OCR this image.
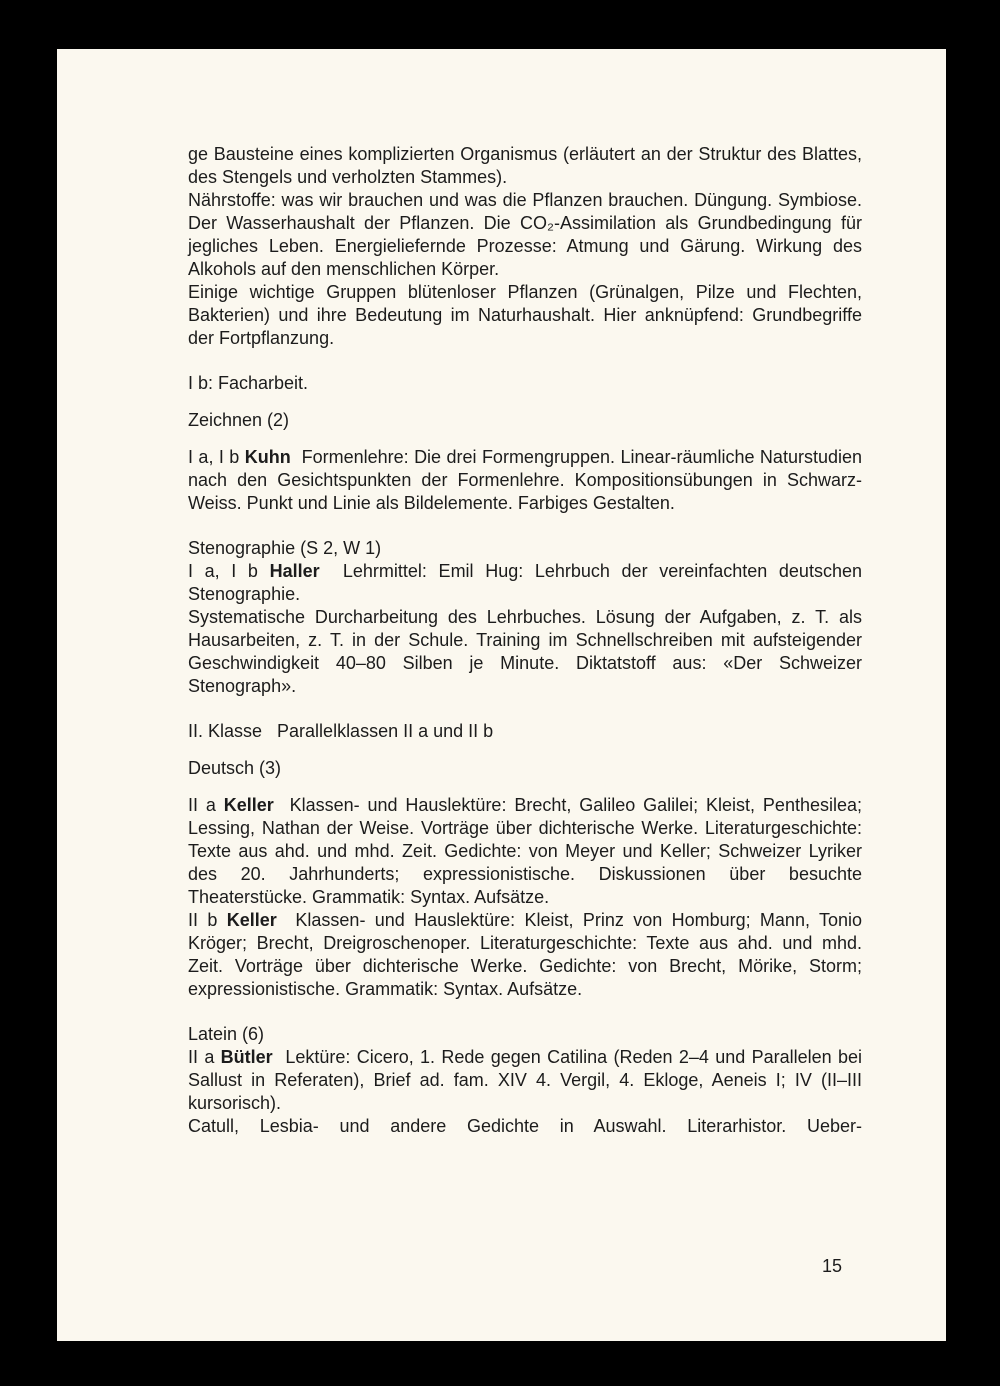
ge Bausteine eines komplizierten Organismus (erläutert an der Struktur des Blattes, des Stengels und verholzten Stammes).

Nährstoffe: was wir brauchen und was die Pflanzen brauchen. Düngung. Symbiose. Der Wasserhaushalt der Pflanzen. Die CO₂-Assimilation als Grundbedingung für jegliches Leben. Energieliefernde Prozesse: Atmung und Gärung. Wirkung des Alkohols auf den menschlichen Körper.

Einige wichtige Gruppen blütenloser Pflanzen (Grünalgen, Pilze und Flechten, Bakterien) und ihre Bedeutung im Naturhaushalt. Hier anknüpfend: Grundbegriffe der Fortpflanzung.

I b: Facharbeit.

Zeichnen (2)

I a, I b Kuhn Formenlehre: Die drei Formengruppen. Linear-räumliche Naturstudien nach den Gesichtspunkten der Formenlehre. Kompositionsübungen in Schwarz-Weiss. Punkt und Linie als Bildelemente. Farbiges Gestalten.

Stenographie (S 2, W 1)

I a, I b Haller Lehrmittel: Emil Hug: Lehrbuch der vereinfachten deutschen Stenographie.

Systematische Durcharbeitung des Lehrbuches. Lösung der Aufgaben, z. T. als Hausarbeiten, z. T. in der Schule. Training im Schnellschreiben mit aufsteigender Geschwindigkeit 40–80 Silben je Minute. Diktatstoff aus: «Der Schweizer Stenograph».

II. Klasse   Parallelklassen II a und II b

Deutsch (3)

II a Keller Klassen- und Hauslektüre: Brecht, Galileo Galilei; Kleist, Penthesilea; Lessing, Nathan der Weise. Vorträge über dichterische Werke. Literaturgeschichte: Texte aus ahd. und mhd. Zeit. Gedichte: von Meyer und Keller; Schweizer Lyriker des 20. Jahrhunderts; expressionistische. Diskussionen über besuchte Theaterstücke. Grammatik: Syntax. Aufsätze.

II b Keller Klassen- und Hauslektüre: Kleist, Prinz von Homburg; Mann, Tonio Kröger; Brecht, Dreigroschenoper. Literaturgeschichte: Texte aus ahd. und mhd. Zeit. Vorträge über dichterische Werke. Gedichte: von Brecht, Mörike, Storm; expressionistische. Grammatik: Syntax. Aufsätze.

Latein (6)

II a Bütler Lektüre: Cicero, 1. Rede gegen Catilina (Reden 2–4 und Parallelen bei Sallust in Referaten), Brief ad. fam. XIV 4. Vergil, 4. Ekloge, Aeneis I; IV (II–III kursorisch).

Catull, Lesbia- und andere Gedichte in Auswahl. Literarhistor. Ueber-

15
